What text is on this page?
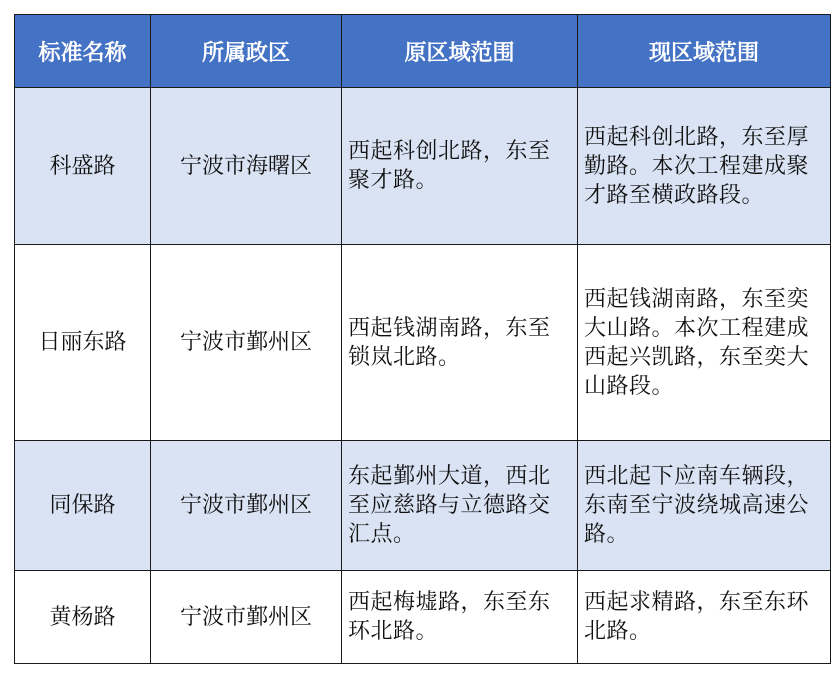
标准名称	所属政区	原区域范围	现区域范围
科盛路	宁波市海曙区	西起科创北路，东至聚才路。	西起科创北路，东至厚勤路。本次工程建成聚才路至横政路段。
日丽东路	宁波市鄞州区	西起钱湖南路，东至锁岚北路。	西起钱湖南路，东至奕大山路。本次工程建成西起兴凯路，东至奕大山路段。
同保路	宁波市鄞州区	东起鄞州大道，西北至应慈路与立德路交汇点。	西北起下应南车辆段，东南至宁波绕城高速公路。
黄杨路	宁波市鄞州区	西起梅墟路，东至东环北路。	西起求精路，东至东环北路。
